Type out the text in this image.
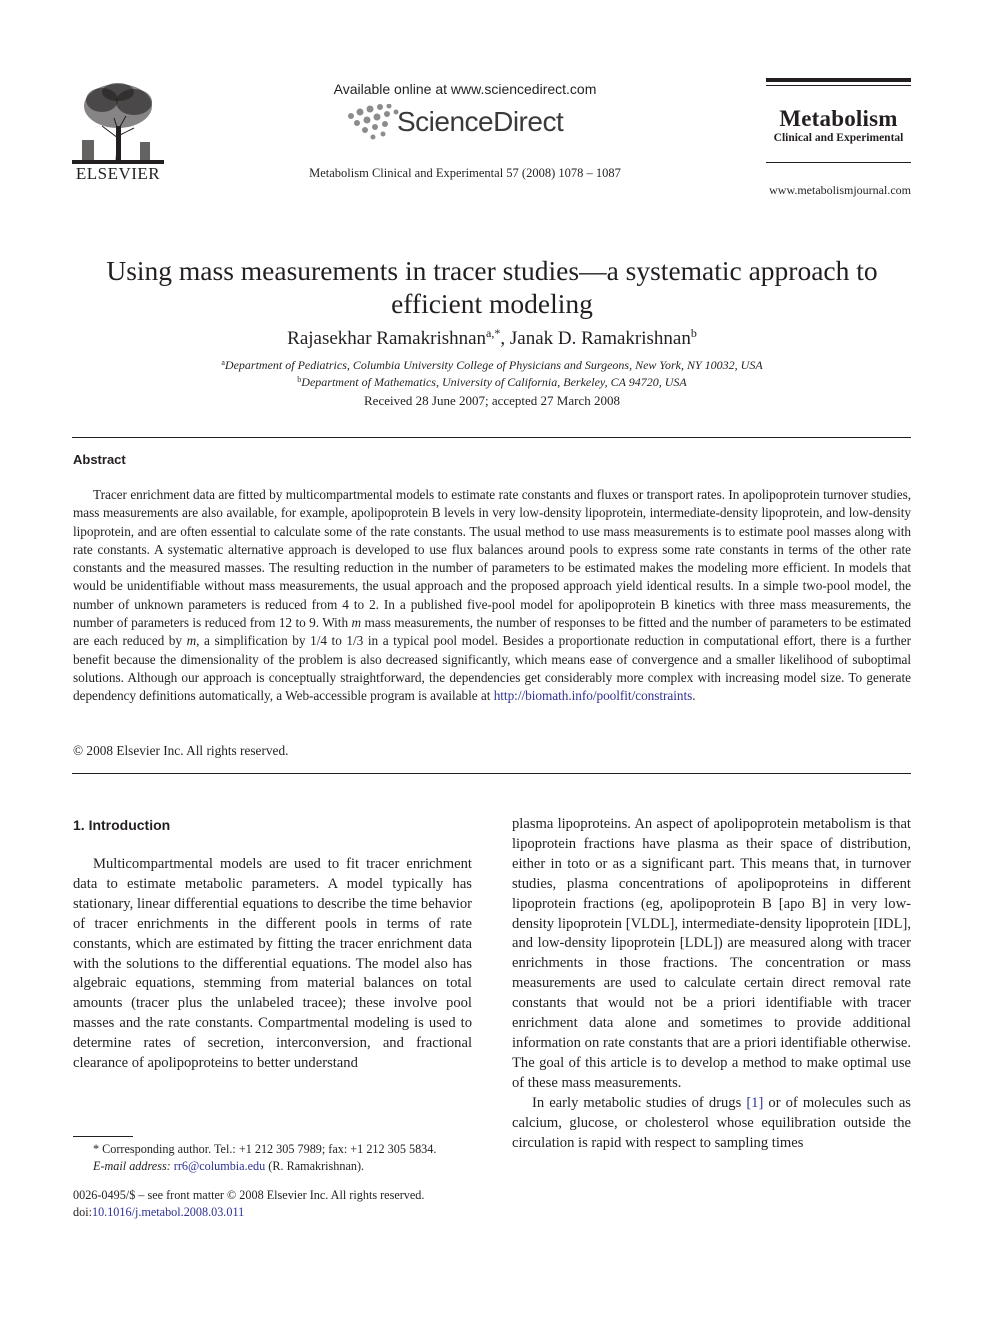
ELSEVIER
Available online at www.sciencedirect.com
ScienceDirect
Metabolism Clinical and Experimental 57 (2008) 1078 – 1087
Metabolism
Clinical and Experimental
www.metabolismjournal.com
Using mass measurements in tracer studies—a systematic approach to efficient modeling
Rajasekhar Ramakrishnan$^{a,*}$, Janak D. Ramakrishnan$^b$
$^a$Department of Pediatrics, Columbia University College of Physicians and Surgeons, New York, NY 10032, USA
$^b$Department of Mathematics, University of California, Berkeley, CA 94720, USA
Received 28 June 2007; accepted 27 March 2008
Abstract
Tracer enrichment data are fitted by multicompartmental models to estimate rate constants and fluxes or transport rates. In apolipoprotein turnover studies, mass measurements are also available, for example, apolipoprotein B levels in very low-density lipoprotein, intermediate-density lipoprotein, and low-density lipoprotein, and are often essential to calculate some of the rate constants. The usual method to use mass measurements is to estimate pool masses along with rate constants. A systematic alternative approach is developed to use flux balances around pools to express some rate constants in terms of the other rate constants and the measured masses. The resulting reduction in the number of parameters to be estimated makes the modeling more efficient. In models that would be unidentifiable without mass measurements, the usual approach and the proposed approach yield identical results. In a simple two-pool model, the number of unknown parameters is reduced from 4 to 2. In a published five-pool model for apolipoprotein B kinetics with three mass measurements, the number of parameters is reduced from 12 to 9. With m mass measurements, the number of responses to be fitted and the number of parameters to be estimated are each reduced by m, a simplification by 1/4 to 1/3 in a typical pool model. Besides a proportionate reduction in computational effort, there is a further benefit because the dimensionality of the problem is also decreased significantly, which means ease of convergence and a smaller likelihood of suboptimal solutions. Although our approach is conceptually straightforward, the dependencies get considerably more complex with increasing model size. To generate dependency definitions automatically, a Web-accessible program is available at http://biomath.info/poolfit/constraints.
© 2008 Elsevier Inc. All rights reserved.
1. Introduction

Multicompartmental models are used to fit tracer enrichment data to estimate metabolic parameters. A model typically has stationary, linear differential equations to describe the time behavior of tracer enrichments in the different pools in terms of rate constants, which are estimated by fitting the tracer enrichment data with the solutions to the differential equations. The model also has algebraic equations, stemming from material balances on total amounts (tracer plus the unlabeled tracee); these involve pool masses and the rate constants. Compartmental modeling is used to determine rates of secretion, interconversion, and fractional clearance of apolipoproteins to better understand

plasma lipoproteins. An aspect of apolipoprotein metabolism is that lipoprotein fractions have plasma as their space of distribution, either in toto or as a significant part. This means that, in turnover studies, plasma concentrations of apolipoproteins in different lipoprotein fractions (eg, apolipoprotein B [apo B] in very low-density lipoprotein [VLDL], intermediate-density lipoprotein [IDL], and low-density lipoprotein [LDL]) are measured along with tracer enrichments in those fractions. The concentration or mass measurements are used to calculate certain direct removal rate constants that would not be a priori identifiable with tracer enrichment data alone and sometimes to provide additional information on rate constants that are a priori identifiable otherwise. The goal of this article is to develop a method to make optimal use of these mass measurements.

In early metabolic studies of drugs [1] or of molecules such as calcium, glucose, or cholesterol whose equilibration outside the circulation is rapid with respect to sampling times

* Corresponding author. Tel.: +1 212 305 7989; fax: +1 212 305 5834.
E-mail address: rr6@columbia.edu (R. Ramakrishnan).
0026-0495/$ – see front matter © 2008 Elsevier Inc. All rights reserved.
doi:10.1016/j.metabol.2008.03.011
